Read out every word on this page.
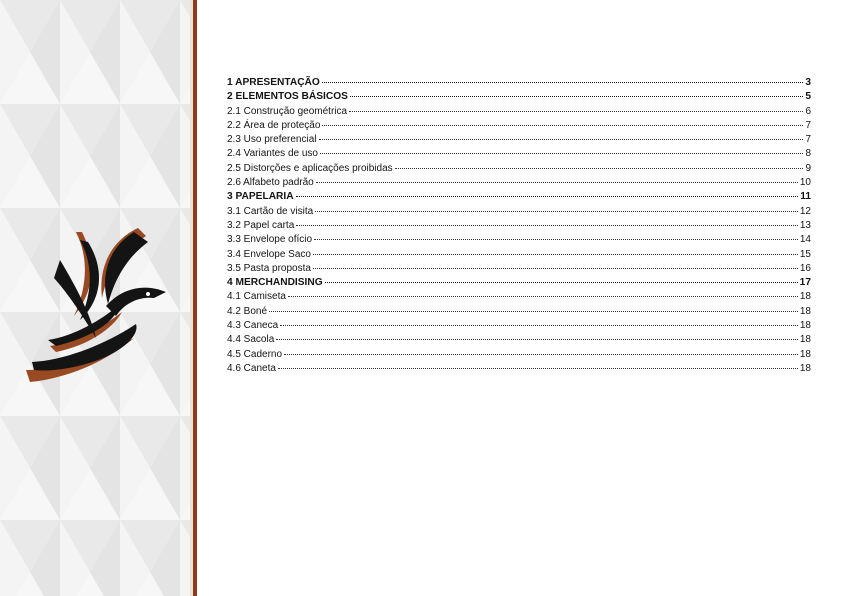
1 APRESENTAÇÃO	3
2 ELEMENTOS BÁSICOS	5
2.1 Construção geométrica	6
2.2 Área de proteção	7
2.3 Uso preferencial	7
2.4 Variantes de uso	8
2.5 Distorções e aplicações proibidas	9
2.6 Alfabeto padrão	10
3 PAPELARIA	11
3.1 Cartão de visita	12
3.2 Papel carta	13
3.3 Envelope ofício	14
3.4 Envelope Saco	15
3.5 Pasta proposta	16
4 MERCHANDISING	17
4.1 Camiseta	18
4.2 Boné	18
4.3 Caneca	18
4.4 Sacola	18
4.5 Caderno	18
4.6 Caneta	18
